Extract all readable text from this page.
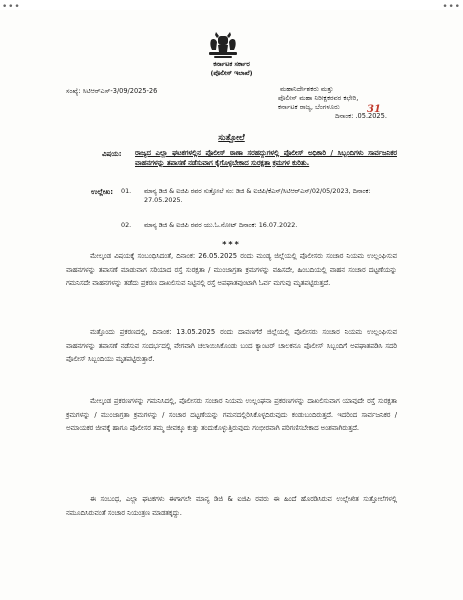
• • •	• • •
ಕರ್ನಾಟಕ ಸರ್ಕಾರ
(ಪೊಲೀಸ್ ಇಲಾಖೆ)
ಸಂಖ್ಯೆ: ಸಿಟಿಆರ್‌ಎಸ್-3/09/2025-26	ಮಹಾನಿರ್ದೇಶಕರು ಮತ್ತು
ಪೊಲೀಸ್ ಮಹಾ ನಿರೀಕ್ಷಕರವರ ಕಛೇರಿ,
ಕರ್ನಾಟಕ ರಾಜ್ಯ, ಬೆಂಗಳೂರು	31
ದಿನಾಂಕ: .05.2025.
ಸುತ್ತೋಲೆ
ವಿಷಯ: ರಾಜ್ಯದ ಎಲ್ಲಾ ಘಟಕಗಳಲ್ಲಿನ ಪೊಲೀಸ್ ಠಾಣಾ ಸರಹದ್ದುಗಳಲ್ಲಿ ಪೊಲೀಸ್ ಅಧಿಕಾರಿ / ಸಿಬ್ಬಂದಿಗಳು ಸಾರ್ವಜನಿಕರ ವಾಹನಗಳನ್ನು ತಪಾಸಣೆ ನಡೆಸುವಾಗ ಕೈಗೊಳ್ಳಬೇಕಾದ ಸುರಕ್ಷತಾ ಕ್ರಮಗಳ ಕುರಿತು.
ಉಲ್ಲೇಖ: 01. ಮಾನ್ಯ ಡಿಜಿ & ಐಜಿಪಿ ರವರ ಸುತ್ತೋಲೆ ಸಂ: ಡಿಜಿ & ಐಜಿಪಿ/ಕೆಎಸ್/ಸಿಟಿಆರ್‌ಎಸ್/02/05/2023, ದಿನಾಂಕ: 27.05.2025.
02. ಮಾನ್ಯ ಡಿಜಿ & ಐಜಿಪಿ ರವರ ಯು.ಓ.ನೋಟ್ ದಿನಾಂಕ: 16.07.2022.
***
ಮೇಲ್ಕಂಡ ವಿಷಯಕ್ಕೆ ಸಂಬಂಧಿಸಿದಂತೆ, ದಿನಾಂಕ: 26.05.2025 ರಂದು ಮಂಡ್ಯ ಜಿಲ್ಲೆಯಲ್ಲಿ ಪೊಲೀಸರು ಸಂಚಾರ ನಿಯಮ ಉಲ್ಲಂಘಿಸುವ ವಾಹನಗಳನ್ನು ತಪಾಸಣೆ ಮಾಡುವಾಗ ಸರಿಯಾದ ರಸ್ತೆ ಸುರಕ್ಷತಾ / ಮುಂಜಾಗ್ರತಾ ಕ್ರಮಗಳನ್ನು ವಹಿಸದೇ, ಹಿಂಬದಿಯಲ್ಲಿ ವಾಹನ ಸಂಚಾರ ದಟ್ಟಣೆಯನ್ನು ಗಮನಿಸದೇ ವಾಹನಗಳನ್ನು ತಡೆದು ಪ್ರಕರಣ ದಾಖಲಿಸುವ ನಿಟ್ಟಿನಲ್ಲಿ ರಸ್ತೆ ಅಪಘಾತವುಂಟಾಗಿ ಓರ್ವ ಮಗುವು ಮೃತಪಟ್ಟಿರುತ್ತದೆ.
ಮತ್ತೊಂದು ಪ್ರಕರಣದಲ್ಲಿ, ದಿನಾಂಕ: 13.05.2025 ರಂದು ದಾವಣಗೆರೆ ಜಿಲ್ಲೆಯಲ್ಲಿ ಪೊಲೀಸರು ಸಂಚಾರ ನಿಯಮ ಉಲ್ಲಂಘಿಸುವ ವಾಹನಗಳನ್ನು ತಪಾಸಣೆ ನಡೆಸುವ ಸಂದರ್ಭದಲ್ಲಿ ವೇಗವಾಗಿ ಚಲಾಯಿಸಿಕೊಂಡು ಬಂದ ಕ್ಯಾಂಟರ್ ಚಾಲಕನೂ ಪೊಲೀಸ್ ಸಿಬ್ಬಂದಿಗೆ ಅಪಘಾತಪಡಿಸಿ ಸದರಿ ಪೊಲೀಸ್ ಸಿಬ್ಬಂದಿಯು ಮೃತಪಟ್ಟಿರುತ್ತಾರೆ.
ಮೇಲ್ಕಂಡ ಪ್ರಕರಣಗಳನ್ನು ಗಮನಿಸಿದಲ್ಲಿ, ಪೊಲೀಸರು ಸಂಚಾರ ನಿಯಮ ಉಲ್ಲಂಘನಾ ಪ್ರಕರಣಗಳನ್ನು ದಾಖಲಿಸುವಾಗ ಯಾವುದೇ ರಸ್ತೆ ಸುರಕ್ಷತಾ ಕ್ರಮಗಳನ್ನು / ಮುಂಜಾಗ್ರತಾ ಕ್ರಮಗಳನ್ನು / ಸಂಚಾರ ದಟ್ಟಣೆಯನ್ನು ಗಮನದಲ್ಲಿರಿಸಿಕೊಳ್ಳದಿರುವುದು ಕಂಡುಬಂದಿರುತ್ತದೆ. ಇದರಿಂದ ಸಾರ್ವಜನಿಕರ / ಅಮಾಯಕರ ಜೀವಕ್ಕೆ ಹಾಗೂ ಪೊಲೀಸರ ತಮ್ಮ ಜೀವಕ್ಕೂ ಕುತ್ತು ತಂದುಕೊಳ್ಳುತ್ತಿರುವುದು ಗಂಭೀರವಾಗಿ ಪರಿಗಣಿಸಬೇಕಾದ ಅಂಶವಾಗಿರುತ್ತದೆ.
ಈ ಸಂಬಂಧ, ಎಲ್ಲಾ ಘಟಕಗಳು ಈಗಾಗಲೇ ಮಾನ್ಯ ಡಿಜಿ & ಐಜಿಪಿ ರವರು ಈ ಹಿಂದೆ ಹೊರಡಿಸಿರುವ ಉಲ್ಲೇಖಿತ ಸುತ್ತೋಲೆಗಳಲ್ಲಿ ನಮೂದಿಸಿರುವಂತೆ ಸಂಚಾರ ನಿಯಂತ್ರಣ ಮಾಡತಕ್ಕದ್ದು.
